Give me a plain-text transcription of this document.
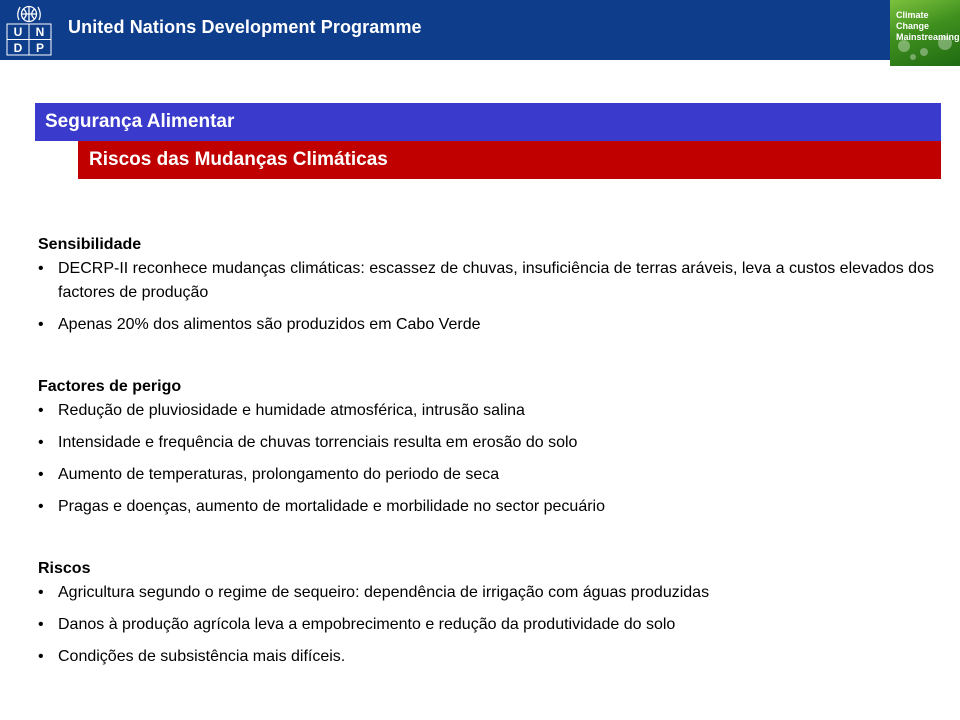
U N
D P
United Nations Development Programme
Climate Change
Mainstreaming
Segurança Alimentar
Riscos das Mudanças Climáticas

Sensibilidade

• DECRP-II reconhece mudanças climáticas: escassez de chuvas, insuficiência de terras aráveis, leva a custos elevados dos factores de produção
• Apenas 20% dos alimentos são produzidos em Cabo Verde

Factores de perigo

• Redução de pluviosidade e humidade atmosférica, intrusão salina
• Intensidade e frequência de chuvas torrenciais resulta em erosão do solo
• Aumento de temperaturas, prolongamento do periodo de seca
• Pragas e doenças, aumento de mortalidade e morbilidade no sector pecuário

Riscos

• Agricultura segundo o regime de sequeiro: dependência de irrigação com águas produzidas
• Danos à produção agrícola leva a empobrecimento e redução da produtividade do solo
• Condições de subsistência mais difíceis.
